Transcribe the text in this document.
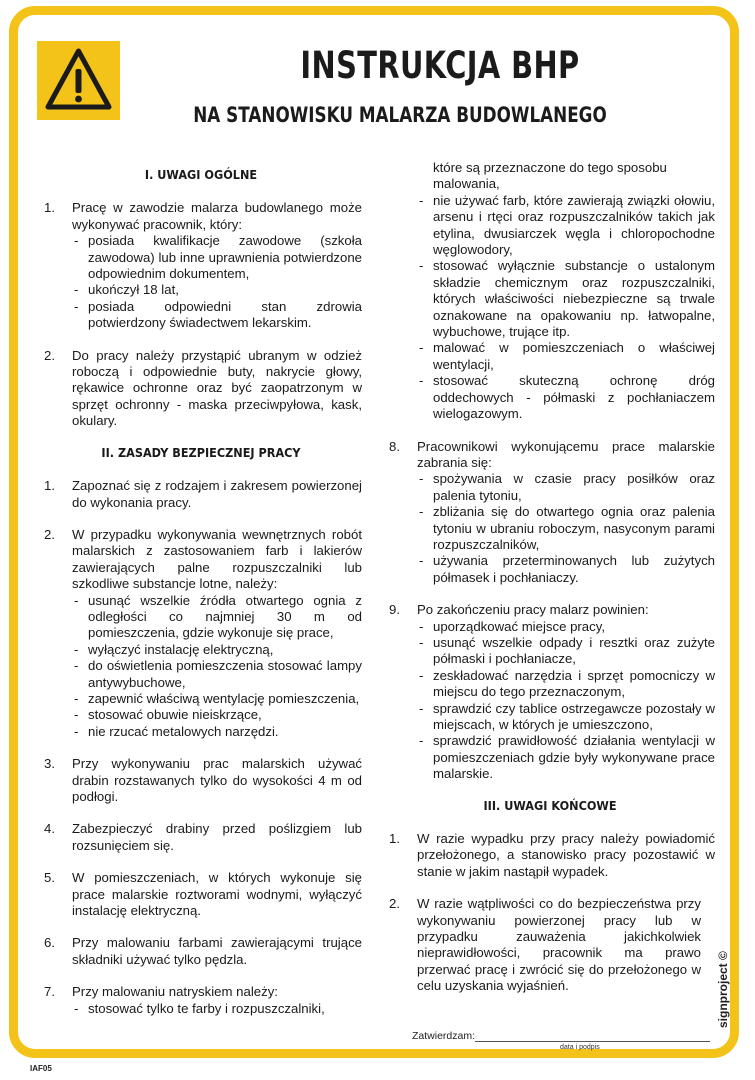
INSTRUKCJA BHP
NA STANOWISKU MALARZA BUDOWLANEGO
I. UWAGI OGÓLNE
1. Pracę w zawodzie malarza budowlanego może wykonywać pracownik, który:
- posiada kwalifikacje zawodowe (szkoła zawodowa) lub inne uprawnienia potwierdzone odpowiednim dokumentem,
- ukończył 18 lat,
- posiada odpowiedni stan zdrowia potwierdzony świadectwem lekarskim.
2. Do pracy należy przystąpić ubranym w odzież roboczą i odpowiednie buty, nakrycie głowy, rękawice ochronne oraz być zaopatrzonym w sprzęt ochronny - maska przeciwpyłowa, kask, okulary.
II. ZASADY BEZPIECZNEJ PRACY
1. Zapoznać się z rodzajem i zakresem powierzonej do wykonania pracy.
2. W przypadku wykonywania wewnętrznych robót malarskich z zastosowaniem farb i lakierów zawierających palne rozpuszczalniki lub szkodliwe substancje lotne, należy:
- usunąć wszelkie źródła otwartego ognia z odległości co najmniej 30 m od pomieszczenia, gdzie wykonuje się prace,
- wyłączyć instalację elektryczną,
- do oświetlenia pomieszczenia stosować lampy antywybuchowe,
- zapewnić właściwą wentylację pomieszczenia,
- stosować obuwie nieiskrzące,
- nie rzucać metalowych narzędzi.
3. Przy wykonywaniu prac malarskich używać drabin rozstawanych tylko do wysokości 4 m od podłogi.
4. Zabezpieczyć drabiny przed poślizgiem lub rozsunięciem się.
5. W pomieszczeniach, w których wykonuje się prace malarskie roztworami wodnymi, wyłączyć instalację elektryczną.
6. Przy malowaniu farbami zawierającymi trujące składniki używać tylko pędzla.
7. Przy malowaniu natryskiem należy:
- stosować tylko te farby i rozpuszczalniki,
które są przeznaczone do tego sposobu malowania,
- nie używać farb, które zawierają związki ołowiu, arsenu i rtęci oraz rozpuszczalników takich jak etylina, dwusiarczek węgla i chloropochodne węglowodory,
- stosować wyłącznie substancje o ustalonym składzie chemicznym oraz rozpuszczalniki, których właściwości niebezpieczne są trwale oznakowane na opakowaniu np. łatwopalne, wybuchowe, trujące itp.
- malować w pomieszczeniach o właściwej wentylacji,
- stosować skuteczną ochronę dróg oddechowych - półmaski z pochłaniaczem wielogazowym.
8. Pracownikowi wykonującemu prace malarskie zabrania się:
- spożywania w czasie pracy posiłków oraz palenia tytoniu,
- zbliżania się do otwartego ognia oraz palenia tytoniu w ubraniu roboczym, nasyconym parami rozpuszczalników,
- używania przeterminowanych lub zużytych półmasek i pochłaniaczy.
9. Po zakończeniu pracy malarz powinien:
- uporządkować miejsce pracy,
- usunąć wszelkie odpady i resztki oraz zużyte półmaski i pochłaniacze,
- zeskładować narzędzia i sprzęt pomocniczy w miejscu do tego przeznaczonym,
- sprawdzić czy tablice ostrzegawcze pozostały w miejscach, w których je umieszczono,
- sprawdzić prawidłowość działania wentylacji w pomieszczeniach gdzie były wykonywane prace malarskie.
III. UWAGI KOŃCOWE
1. W razie wypadku przy pracy należy powiadomić przełożonego, a stanowisko pracy pozostawić w stanie w jakim nastąpił wypadek.
2. W razie wątpliwości co do bezpieczeństwa przy wykonywaniu powierzonej pracy lub w przypadku zauważenia jakichkolwiek nieprawidłowości, pracownik ma prawo przerwać pracę i zwrócić się do przełożonego w celu uzyskania wyjaśnień.
Zatwierdzam:
data i podpis
IAF05
signproject ©
